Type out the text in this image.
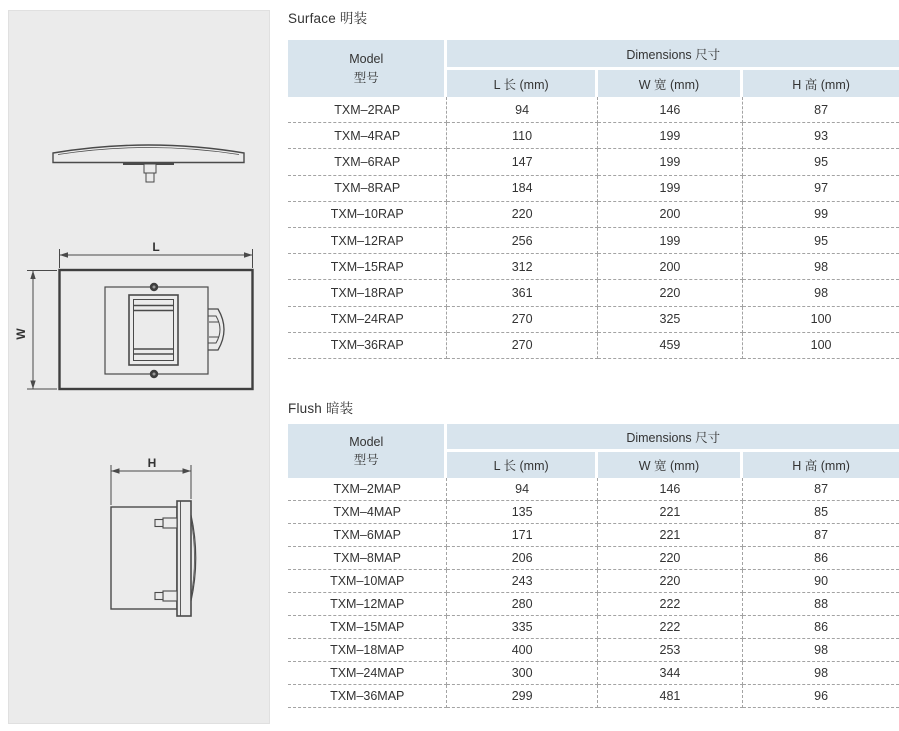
L
W
H
Surface 明装
Model
型号	Dimensions 尺寸		
	L 长 (mm)	W 宽 (mm)	H 高 (mm)
TXM–2RAP	94	146	87
TXM–4RAP	110	199	93
TXM–6RAP	147	199	95
TXM–8RAP	184	199	97
TXM–10RAP	220	200	99
TXM–12RAP	256	199	95
TXM–15RAP	312	200	98
TXM–18RAP	361	220	98
TXM–24RAP	270	325	100
TXM–36RAP	270	459	100
Flush 暗装
Model
型号	Dimensions 尺寸		
	L 长 (mm)	W 宽 (mm)	H 高 (mm)
TXM–2MAP	94	146	87
TXM–4MAP	135	221	85
TXM–6MAP	171	221	87
TXM–8MAP	206	220	86
TXM–10MAP	243	220	90
TXM–12MAP	280	222	88
TXM–15MAP	335	222	86
TXM–18MAP	400	253	98
TXM–24MAP	300	344	98
TXM–36MAP	299	481	96
